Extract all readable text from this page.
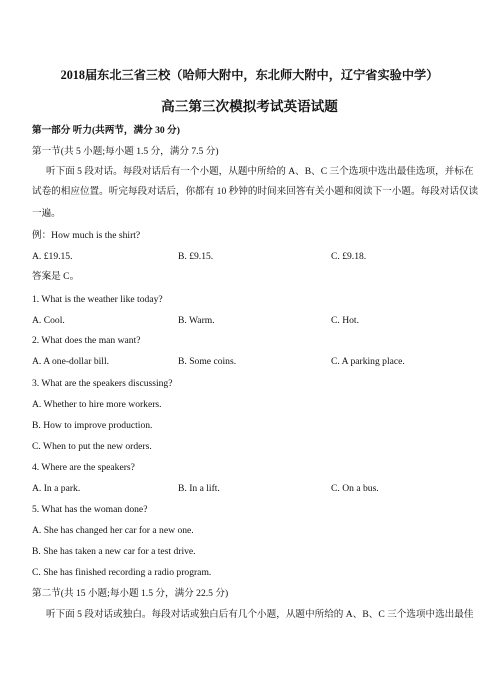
2018届东北三省三校（哈师大附中，东北师大附中，辽宁省实验中学）
高三第三次模拟考试英语试题
第一部分 听力(共两节，满分 30 分)
第一节(共 5 小题;每小题 1.5 分，满分 7.5 分)
听下面 5 段对话。每段对话后有一个小题，从题中所给的 A、B、C 三个选项中选出最佳选项，并标在
试卷的相应位置。听完每段对话后，你都有 10 秒钟的时间来回答有关小题和阅读下一小题。每段对话仅读
一遍。
例：How much is the shirt?
A. £19.15.	B. £9.15.	C. £9.18.
答案是 C。
1. What is the weather like today?
A. Cool.	B. Warm.	C. Hot.
2. What does the man want?
A. A one-dollar bill.	B. Some coins.	C. A parking place.
3. What are the speakers discussing?
A. Whether to hire more workers.
B. How to improve production.
C. When to put the new orders.
4. Where are the speakers?
A. In a park.	B. In a lift.	C. On a bus.
5. What has the woman done?
A. She has changed her car for a new one.
B. She has taken a new car for a test drive.
C. She has finished recording a radio program.
第二节(共 15 小题;每小题 1.5 分，满分 22.5 分)
听下面 5 段对话或独白。每段对话或独白后有几个小题，从题中所给的 A、B、C 三个选项中选出最佳
